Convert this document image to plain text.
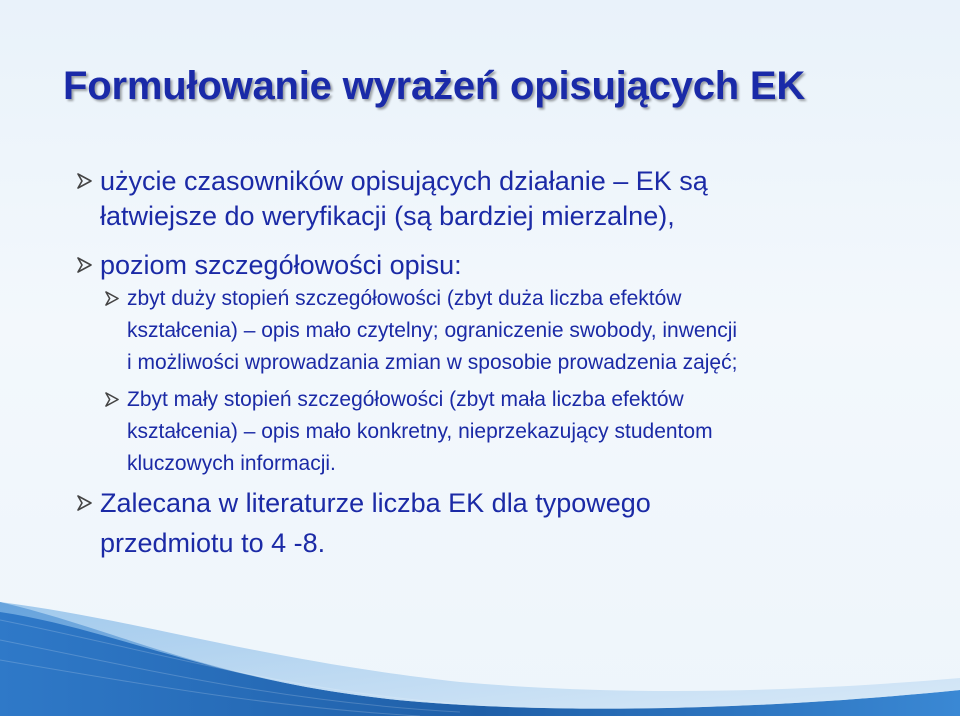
Formułowanie wyrażeń opisujących EK
użycie czasowników opisujących działanie – EK są
łatwiejsze do weryfikacji (są bardziej mierzalne),
poziom szczegółowości opisu:
zbyt duży stopień szczegółowości (zbyt duża liczba efektów
kształcenia) – opis mało czytelny; ograniczenie swobody, inwencji
i możliwości wprowadzania zmian w sposobie prowadzenia zajęć;
Zbyt mały stopień szczegółowości (zbyt mała liczba efektów
kształcenia) – opis mało konkretny, nieprzekazujący studentom
kluczowych informacji.
Zalecana w literaturze liczba EK dla typowego
przedmiotu to 4 -8.
